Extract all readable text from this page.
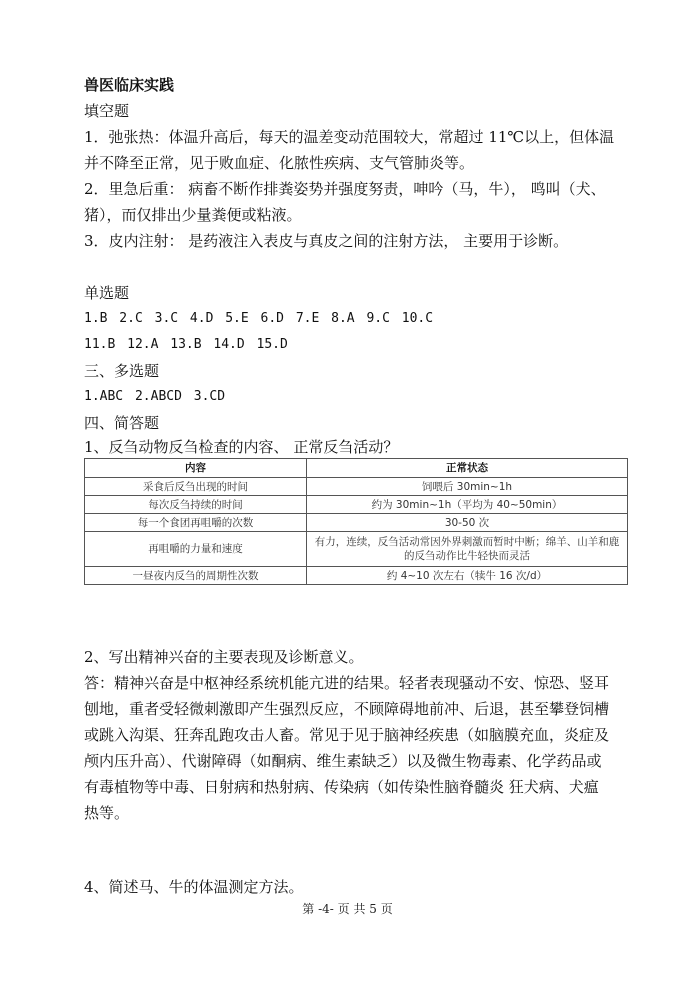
兽医临床实践
填空题
1．弛张热：体温升高后，每天的温差变动范围较大，常超过 11℃以上，但体温
并不降至正常，见于败血症、化脓性疾病、支气管肺炎等。
2．里急后重： 病畜不断作排粪姿势并强度努责，呻吟（马，牛）， 鸣叫（犬、
猪），而仅排出少量粪便或粘液。
3．皮内注射： 是药液注入表皮与真皮之间的注射方法， 主要用于诊断。
单选题
1.B 2.C 3.C 4.D 5.E 6.D 7.E 8.A 9.C 10.C
11.B 12.A 13.B 14.D 15.D
三、多选题
1.ABC 2.ABCD 3.CD
四、简答题
1、反刍动物反刍检查的内容、 正常反刍活动？
内容	正常状态
采食后反刍出现的时间	饲喂后 30min~1h
每次反刍持续的时间	约为 30min~1h（平均为 40~50min）
每一个食团再咀嚼的次数	30-50 次
再咀嚼的力量和速度	有力，连续，反刍活动常因外界刺激而暂时中断；绵羊、山羊和鹿的反刍动作比牛轻快而灵活
一昼夜内反刍的周期性次数	约 4~10 次左右（犊牛 16 次/d）
2、写出精神兴奋的主要表现及诊断意义。
答：精神兴奋是中枢神经系统机能亢进的结果。轻者表现骚动不安、惊恐、竖耳
刨地，重者受轻微刺激即产生强烈反应，不顾障碍地前冲、后退，甚至攀登饲槽
或跳入沟渠、狂奔乱跑攻击人畜。常见于见于脑神经疾患（如脑膜充血，炎症及
颅内压升高）、代谢障碍（如酮病、维生素缺乏）以及微生物毒素、化学药品或
有毒植物等中毒、日射病和热射病、传染病（如传染性脑脊髓炎 狂犬病、犬瘟
热等。
4、简述马、牛的体温测定方法。
第 -4- 页 共 5 页
